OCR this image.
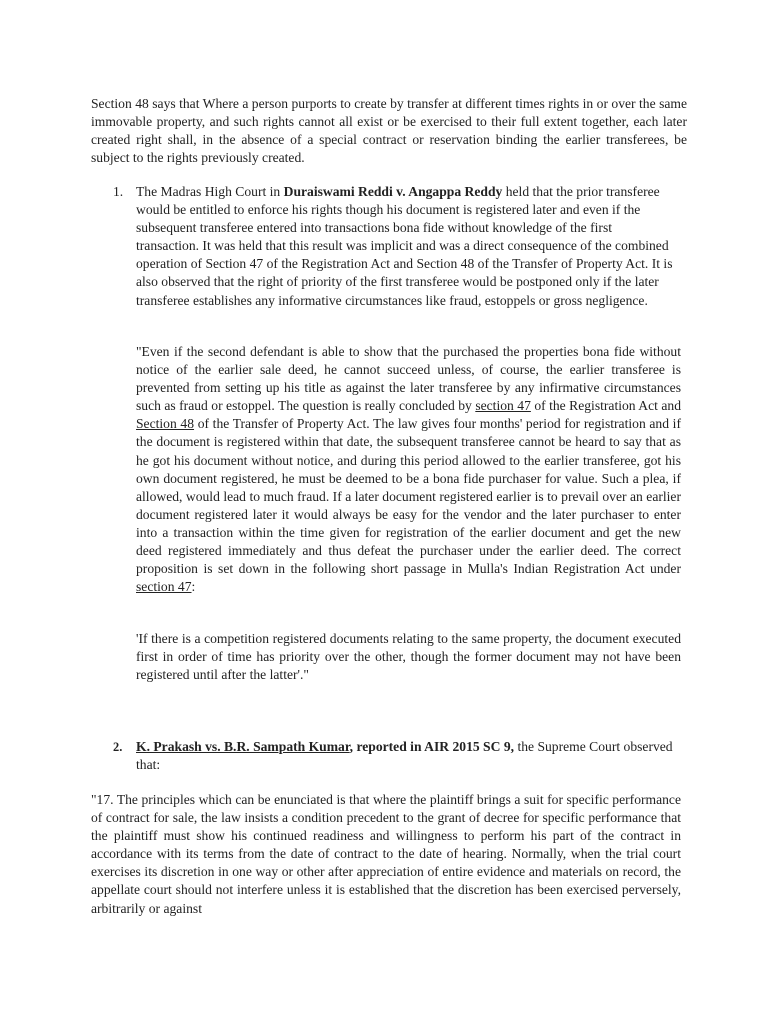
Section 48 says that Where a person purports to create by transfer at different times rights in or over the same immovable property, and such rights cannot all exist or be exercised to their full extent together, each later created right shall, in the absence of a special contract or reservation binding the earlier transferees, be subject to the rights previously created.

1. The Madras High Court in Duraiswami Reddi v. Angappa Reddy held that the prior transferee would be entitled to enforce his rights though his document is registered later and even if the subsequent transferee entered into transactions bona fide without knowledge of the first transaction. It was held that this result was implicit and was a direct consequence of the combined operation of Section 47 of the Registration Act and Section 48 of the Transfer of Property Act. It is also observed that the right of priority of the first transferee would be postponed only if the later transferee establishes any informative circumstances like fraud, estoppels or gross negligence.

"Even if the second defendant is able to show that the purchased the properties bona fide without notice of the earlier sale deed, he cannot succeed unless, of course, the earlier transferee is prevented from setting up his title as against the later transferee by any infirmative circumstances such as fraud or estoppel. The question is really concluded by section 47 of the Registration Act and Section 48 of the Transfer of Property Act. The law gives four months' period for registration and if the document is registered within that date, the subsequent transferee cannot be heard to say that as he got his document without notice, and during this period allowed to the earlier transferee, got his own document registered, he must be deemed to be a bona fide purchaser for value. Such a plea, if allowed, would lead to much fraud. If a later document registered earlier is to prevail over an earlier document registered later it would always be easy for the vendor and the later purchaser to enter into a transaction within the time given for registration of the earlier document and get the new deed registered immediately and thus defeat the purchaser under the earlier deed. The correct proposition is set down in the following short passage in Mulla's Indian Registration Act under section 47:

'If there is a competition registered documents relating to the same property, the document executed first in order of time has priority over the other, though the former document may not have been registered until after the latter'."

2. K. Prakash vs. B.R. Sampath Kumar, reported in AIR 2015 SC 9, the Supreme Court observed that:

"17. The principles which can be enunciated is that where the plaintiff brings a suit for specific performance of contract for sale, the law insists a condition precedent to the grant of decree for specific performance that the plaintiff must show his continued readiness and willingness to perform his part of the contract in accordance with its terms from the date of contract to the date of hearing. Normally, when the trial court exercises its discretion in one way or other after appreciation of entire evidence and materials on record, the appellate court should not interfere unless it is established that the discretion has been exercised perversely, arbitrarily or against
